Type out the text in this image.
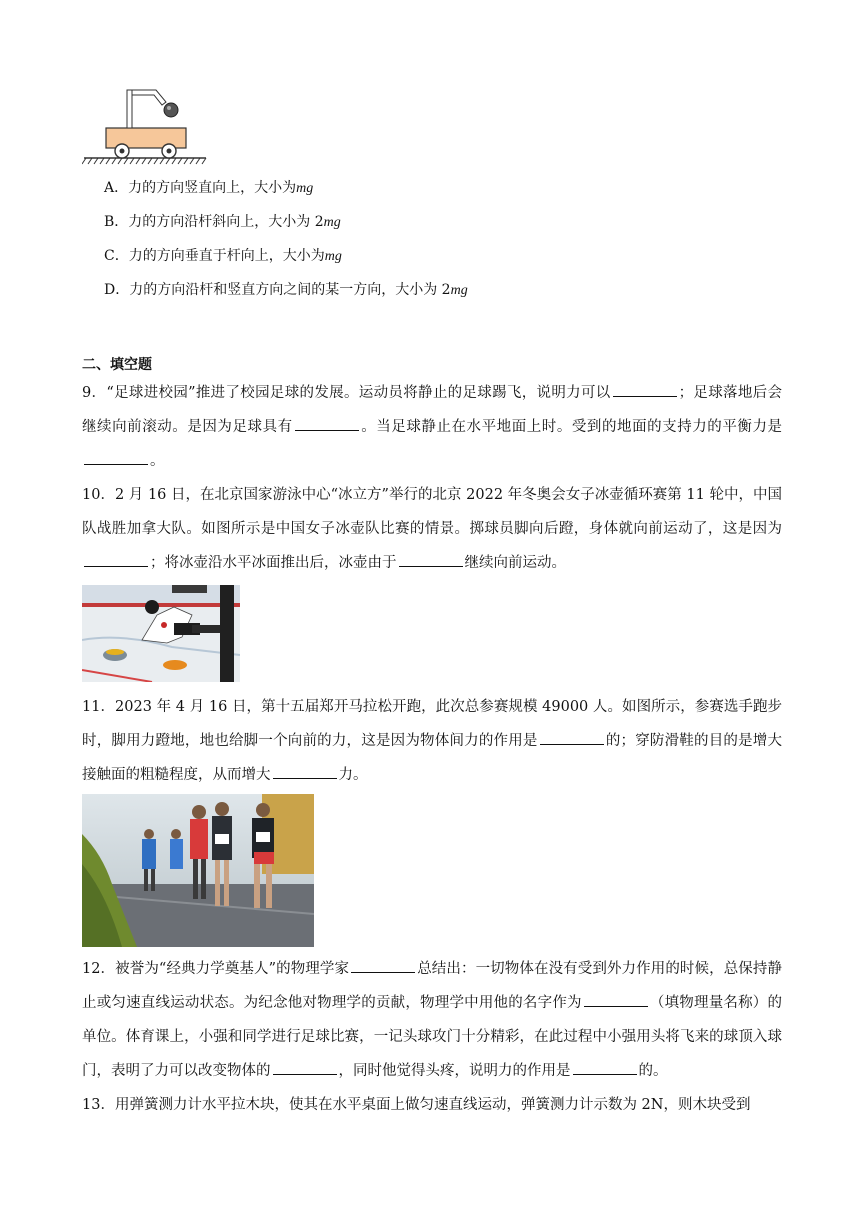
A．力的方向竖直向上，大小为mg
B．力的方向沿杆斜向上，大小为 2mg
C．力的方向垂直于杆向上，大小为mg
D．力的方向沿杆和竖直方向之间的某一方向，大小为 2mg
二、填空题
9．“足球进校园”推进了校园足球的发展。运动员将静止的足球踢飞，说明力可以	；足球落地后会继续向前滚动。是因为足球具有	。当足球静止在水平地面上时。受到的地面的支持力的平衡力是。
10．2 月 16 日，在北京国家游泳中心“冰立方”举行的北京 2022 年冬奥会女子冰壶循环赛第 11 轮中，中国队战胜加拿大队。如图所示是中国女子冰壶队比赛的情景。掷球员脚向后蹬，身体就向前运动了，这是因为；将冰壶沿水平冰面推出后，冰壶由于	继续向前运动。
11．2023 年 4 月 16 日，第十五届郑开马拉松开跑，此次总参赛规模 49000 人。如图所示，参赛选手跑步时，脚用力蹬地，地也给脚一个向前的力，这是因为物体间力的作用是	的；穿防滑鞋的目的是增大接触面的粗糙程度，从而增大	力。
12．被誉为“经典力学奠基人”的物理学家	总结出：一切物体在没有受到外力作用的时候，总保持静止或匀速直线运动状态。为纪念他对物理学的贡献，物理学中用他的名字作为	（填物理量名称）的单位。体育课上，小强和同学进行足球比赛，一记头球攻门十分精彩，在此过程中小强用头将飞来的球顶入球门，表明了力可以改变物体的	，同时他觉得头疼，说明力的作用是	的。
13．用弹簧测力计水平拉木块，使其在水平桌面上做匀速直线运动，弹簧测力计示数为 2N，则木块受到
